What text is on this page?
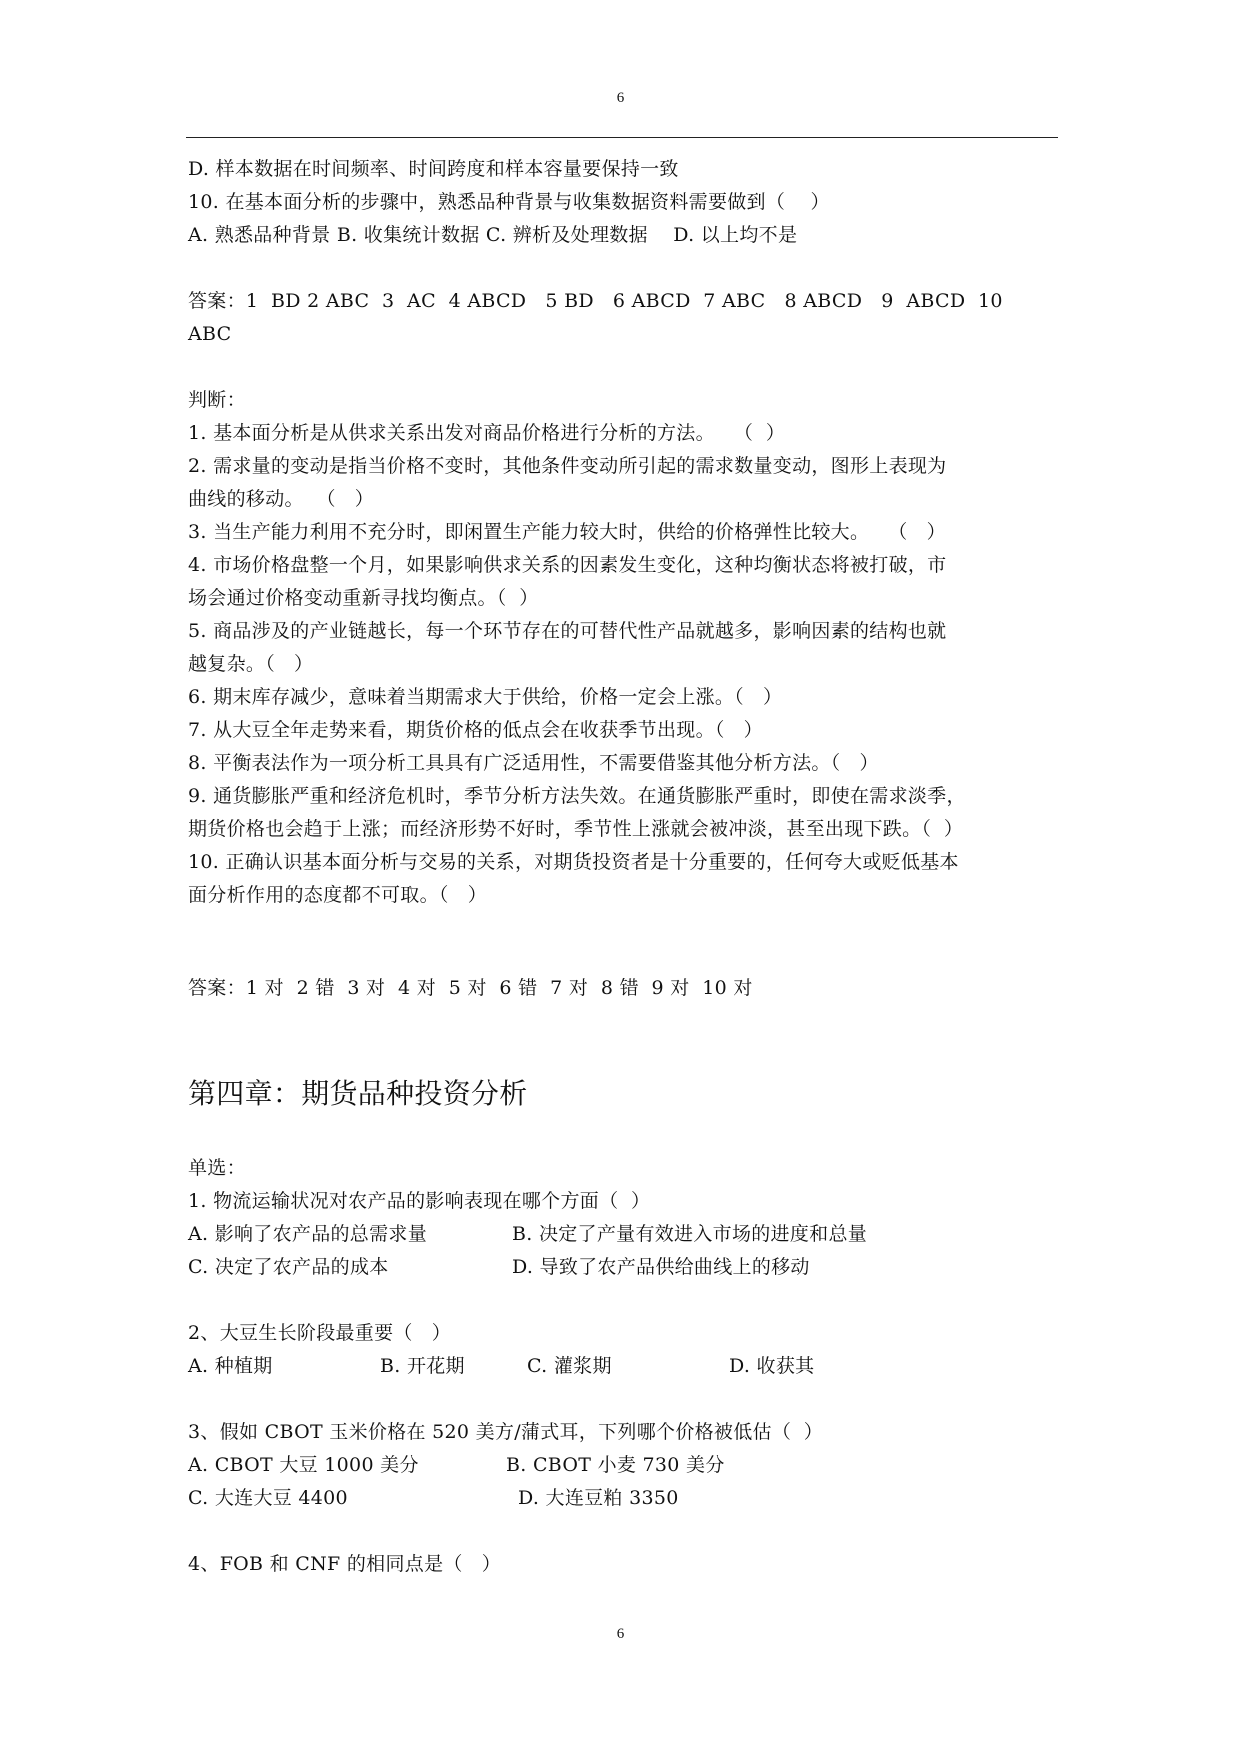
6
D. 样本数据在时间频率、时间跨度和样本容量要保持一致
10. 在基本面分析的步骤中，熟悉品种背景与收集数据资料需要做到（    ）
A. 熟悉品种背景 B. 收集统计数据 C. 辨析及处理数据    D. 以上均不是
答案：1  BD 2 ABC  3  AC  4 ABCD   5 BD   6 ABCD  7 ABC   8 ABCD   9  ABCD  10
ABC
判断：
1. 基本面分析是从供求关系出发对商品价格进行分析的方法。   （  ）
2. 需求量的变动是指当价格不变时，其他条件变动所引起的需求数量变动，图形上表现为
曲线的移动。  （   ）
3. 当生产能力利用不充分时，即闲置生产能力较大时，供给的价格弹性比较大。   （   ）
4. 市场价格盘整一个月，如果影响供求关系的因素发生变化，这种均衡状态将被打破，市
场会通过价格变动重新寻找均衡点。（  ）
5. 商品涉及的产业链越长，每一个环节存在的可替代性产品就越多，影响因素的结构也就
越复杂。（   ）
6. 期末库存减少，意味着当期需求大于供给，价格一定会上涨。（   ）
7. 从大豆全年走势来看，期货价格的低点会在收获季节出现。（   ）
8. 平衡表法作为一项分析工具具有广泛适用性，不需要借鉴其他分析方法。（   ）
9. 通货膨胀严重和经济危机时，季节分析方法失效。在通货膨胀严重时，即使在需求淡季，
期货价格也会趋于上涨；而经济形势不好时，季节性上涨就会被冲淡，甚至出现下跌。（  ）
10. 正确认识基本面分析与交易的关系，对期货投资者是十分重要的，任何夸大或贬低基本
面分析作用的态度都不可取。（   ）
答案：1 对  2 错  3 对  4 对  5 对  6 错  7 对  8 错  9 对  10 对
第四章：期货品种投资分析
单选：
1. 物流运输状况对农产品的影响表现在哪个方面（  ）
A. 影响了农产品的总需求量	B. 决定了产量有效进入市场的进度和总量
C. 决定了农产品的成本	D. 导致了农产品供给曲线上的移动
2、大豆生长阶段最重要（   ）
A. 种植期	B. 开花期	C. 灌浆期	D. 收获其
3、假如 CBOT 玉米价格在 520 美方/蒲式耳，下列哪个价格被低估（  ）
A. CBOT 大豆 1000 美分	B. CBOT 小麦 730 美分
C. 大连大豆 4400	D. 大连豆粕 3350
4、FOB 和 CNF 的相同点是（   ）
6
